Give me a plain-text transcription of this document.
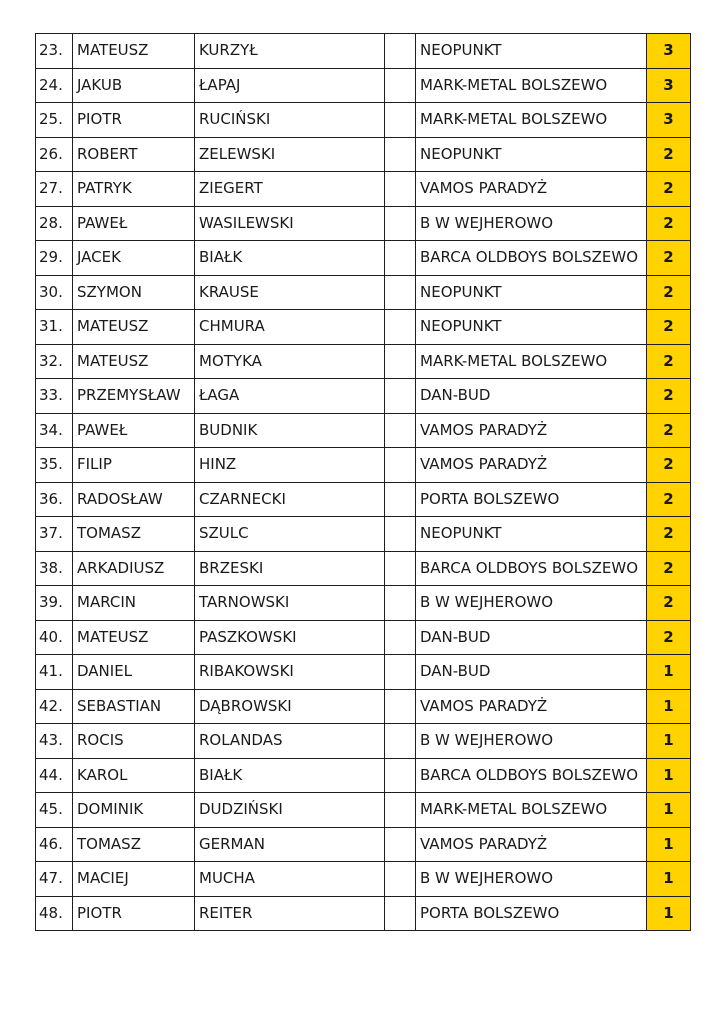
23.	MATEUSZ	KURZYŁ		NEOPUNKT	3
24.	JAKUB	ŁAPAJ		MARK-METAL BOLSZEWO	3
25.	PIOTR	RUCIŃSKI		MARK-METAL BOLSZEWO	3
26.	ROBERT	ZELEWSKI		NEOPUNKT	2
27.	PATRYK	ZIEGERT		VAMOS PARADYŻ	2
28.	PAWEŁ	WASILEWSKI		B W WEJHEROWO	2
29.	JACEK	BIAŁK		BARCA OLDBOYS BOLSZEWO	2
30.	SZYMON	KRAUSE		NEOPUNKT	2
31.	MATEUSZ	CHMURA		NEOPUNKT	2
32.	MATEUSZ	MOTYKA		MARK-METAL BOLSZEWO	2
33.	PRZEMYSŁAW	ŁAGA		DAN-BUD	2
34.	PAWEŁ	BUDNIK		VAMOS PARADYŻ	2
35.	FILIP	HINZ		VAMOS PARADYŻ	2
36.	RADOSŁAW	CZARNECKI		PORTA BOLSZEWO	2
37.	TOMASZ	SZULC		NEOPUNKT	2
38.	ARKADIUSZ	BRZESKI		BARCA OLDBOYS BOLSZEWO	2
39.	MARCIN	TARNOWSKI		B W WEJHEROWO	2
40.	MATEUSZ	PASZKOWSKI		DAN-BUD	2
41.	DANIEL	RIBAKOWSKI		DAN-BUD	1
42.	SEBASTIAN	DĄBROWSKI		VAMOS PARADYŻ	1
43.	ROCIS	ROLANDAS		B W WEJHEROWO	1
44.	KAROL	BIAŁK		BARCA OLDBOYS BOLSZEWO	1
45.	DOMINIK	DUDZIŃSKI		MARK-METAL BOLSZEWO	1
46.	TOMASZ	GERMAN		VAMOS PARADYŻ	1
47.	MACIEJ	MUCHA		B W WEJHEROWO	1
48.	PIOTR	REITER		PORTA BOLSZEWO	1
